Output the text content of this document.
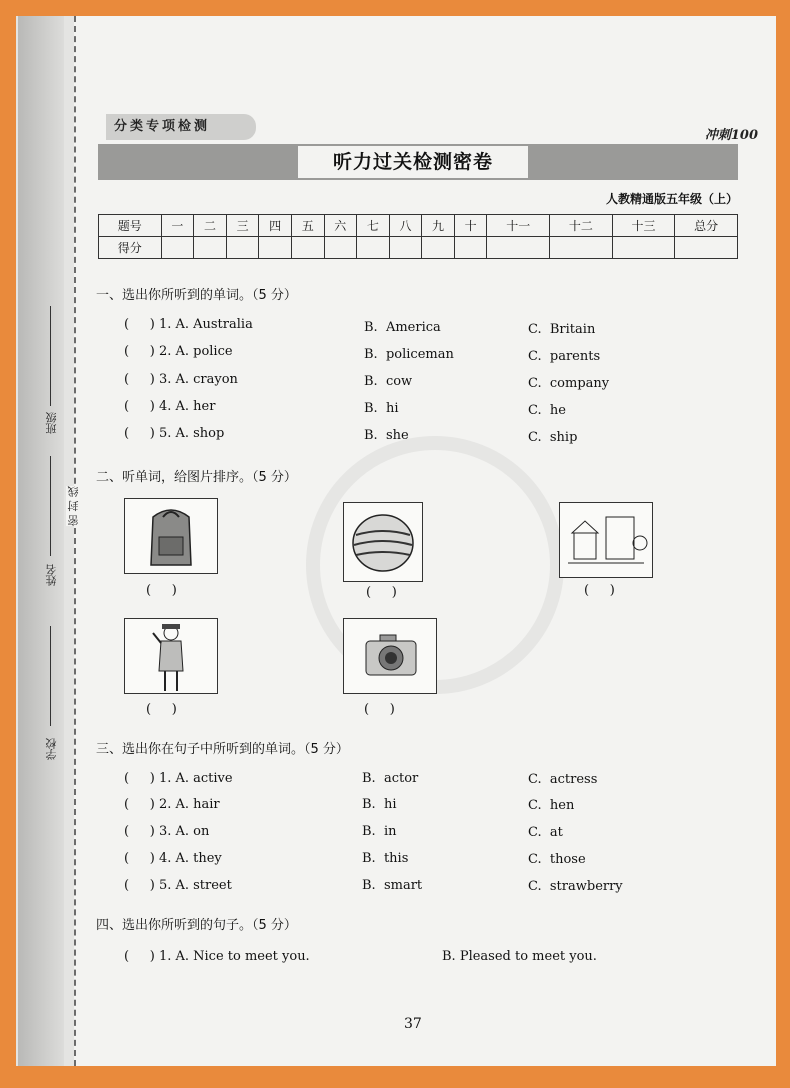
学校
姓名
密 封 线
班级
分类专项检测
冲刺100
听力过关检测密卷
人教精通版五年级（上）
题号	一	二	三	四	五	六	七	八	九	十	十一	十二	十三	总分
得分														
一、选出你所听到的单词。（5 分）
(     ) 1. A. Australia	B.  America	C.  Britain
(     ) 2. A. police	B.  policeman	C.  parents
(     ) 3. A. crayon	B.  cow	C.  company
(     ) 4. A. her	B.  hi	C.  he
(     ) 5. A. shop	B.  she	C.  ship
二、听单词，给图片排序。（5 分）
(     )	(     )	(     )
(     )	(     )
三、选出你在句子中所听到的单词。（5 分）
(     ) 1. A. active	B.  actor	C.  actress
(     ) 2. A. hair	B.  hi	C.  hen
(     ) 3. A. on	B.  in	C.  at
(     ) 4. A. they	B.  this	C.  those
(     ) 5. A. street	B.  smart	C.  strawberry
四、选出你所听到的句子。（5 分）
(     ) 1. A. Nice to meet you.	B. Pleased to meet you.
37
